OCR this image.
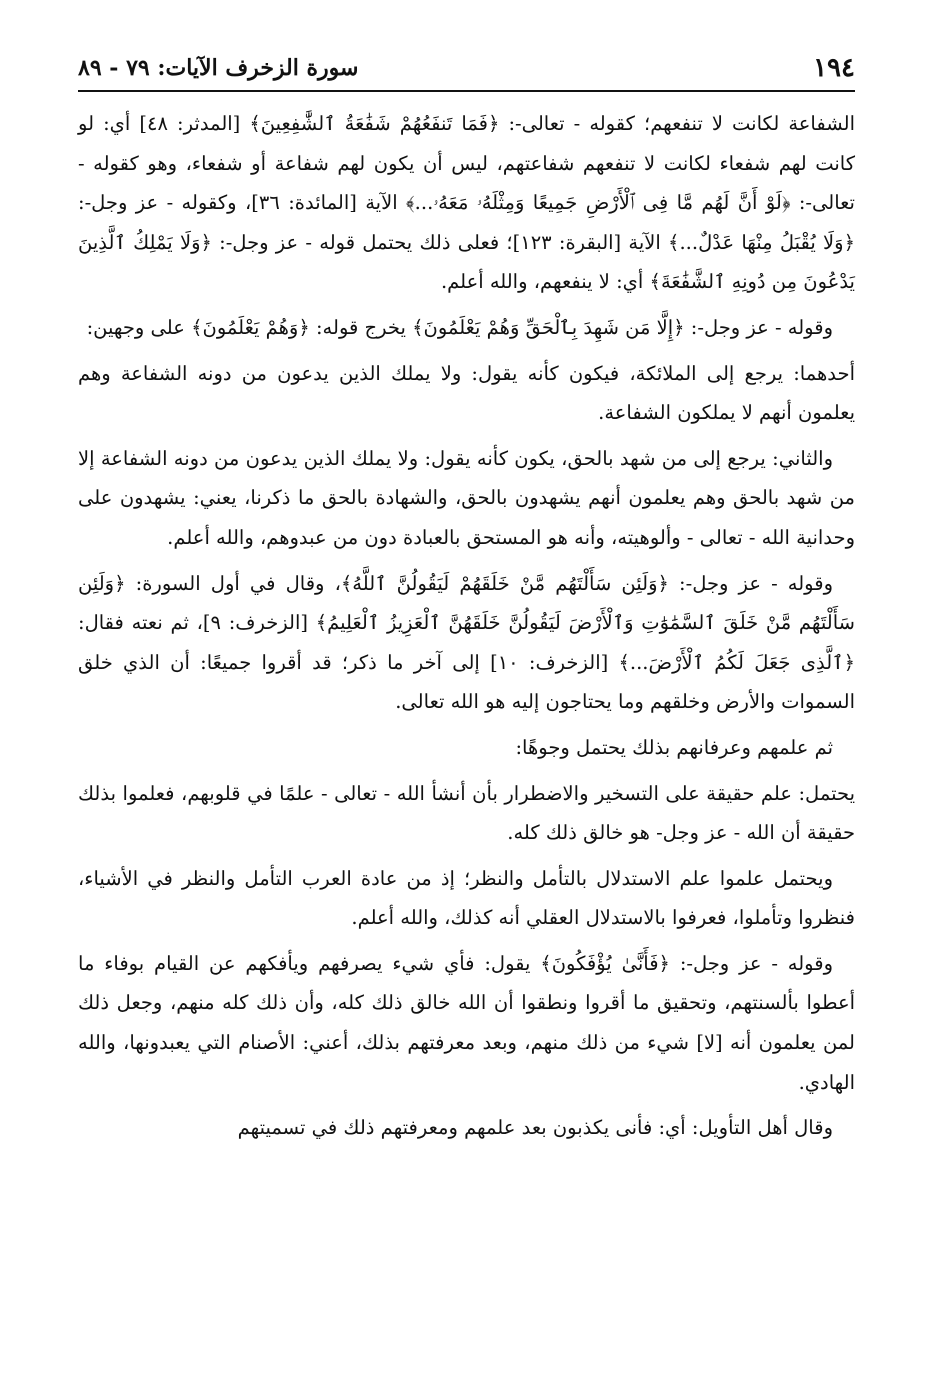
١٩٤
سورة الزخرف الآيات: ٧٩ - ٨٩

الشفاعة لكانت لا تنفعهم؛ كقوله - تعالى-: ﴿فَمَا تَنفَعُهُمْ شَفَٰعَةُ ٱلشَّٰفِعِينَ﴾ [المدثر: ٤٨] أي: لو كانت لهم شفعاء لكانت لا تنفعهم شفاعتهم، ليس أن يكون لهم شفاعة أو شفعاء، وهو كقوله - تعالى-: ﴿لَوْ أَنَّ لَهُم مَّا فِى ٱلْأَرْضِ جَمِيعًا وَمِثْلَهُۥ مَعَهُۥ...﴾ الآية [المائدة: ٣٦]، وكقوله - عز وجل-: ﴿وَلَا يُقْبَلُ مِنْهَا عَدْلٌ...﴾ الآية [البقرة: ١٢٣]؛ فعلى ذلك يحتمل قوله - عز وجل-: ﴿وَلَا يَمْلِكُ ٱلَّذِينَ يَدْعُونَ مِن دُونِهِ ٱلشَّفَٰعَةَ﴾ أي: لا ينفعهم، والله أعلم.

وقوله - عز وجل-: ﴿إِلَّا مَن شَهِدَ بِٱلْحَقِّ وَهُمْ يَعْلَمُونَ﴾ يخرج قوله: ﴿وَهُمْ يَعْلَمُونَ﴾ على وجهين:

أحدهما: يرجع إلى الملائكة، فيكون كأنه يقول: ولا يملك الذين يدعون من دونه الشفاعة وهم يعلمون أنهم لا يملكون الشفاعة.

والثاني: يرجع إلى من شهد بالحق، يكون كأنه يقول: ولا يملك الذين يدعون من دونه الشفاعة إلا من شهد بالحق وهم يعلمون أنهم يشهدون بالحق، والشهادة بالحق ما ذكرنا، يعني: يشهدون على وحدانية الله - تعالى - وألوهيته، وأنه هو المستحق بالعبادة دون من عبدوهم، والله أعلم.

وقوله - عز وجل-: ﴿وَلَئِن سَأَلْتَهُم مَّنْ خَلَقَهُمْ لَيَقُولُنَّ ٱللَّهُ﴾، وقال في أول السورة: ﴿وَلَئِن سَأَلْتَهُم مَّنْ خَلَقَ ٱلسَّمَٰوَٰتِ وَٱلْأَرْضَ لَيَقُولُنَّ خَلَقَهُنَّ ٱلْعَزِيزُ ٱلْعَلِيمُ﴾ [الزخرف: ٩]، ثم نعته فقال: ﴿ٱلَّذِى جَعَلَ لَكُمُ ٱلْأَرْضَ...﴾ [الزخرف: ١٠] إلى آخر ما ذكر؛ قد أقروا جميعًا: أن الذي خلق السموات والأرض وخلقهم وما يحتاجون إليه هو الله تعالى.

ثم علمهم وعرفانهم بذلك يحتمل وجوهًا:

يحتمل: علم حقيقة على التسخير والاضطرار بأن أنشأ الله - تعالى - علمًا في قلوبهم، فعلموا بذلك حقيقة أن الله - عز وجل- هو خالق ذلك كله.

ويحتمل علموا علم الاستدلال بالتأمل والنظر؛ إذ من عادة العرب التأمل والنظر في الأشياء، فنظروا وتأملوا، فعرفوا بالاستدلال العقلي أنه كذلك، والله أعلم.

وقوله - عز وجل-: ﴿فَأَنَّىٰ يُؤْفَكُونَ﴾ يقول: فأي شيء يصرفهم ويأفكهم عن القيام بوفاء ما أعطوا بألسنتهم، وتحقيق ما أقروا ونطقوا أن الله خالق ذلك كله، وأن ذلك كله منهم، وجعل ذلك لمن يعلمون أنه [لا] شيء من ذلك منهم، وبعد معرفتهم بذلك، أعني: الأصنام التي يعبدونها، والله الهادي.

وقال أهل التأويل: أي: فأنى يكذبون بعد علمهم ومعرفتهم ذلك في تسميتهم
